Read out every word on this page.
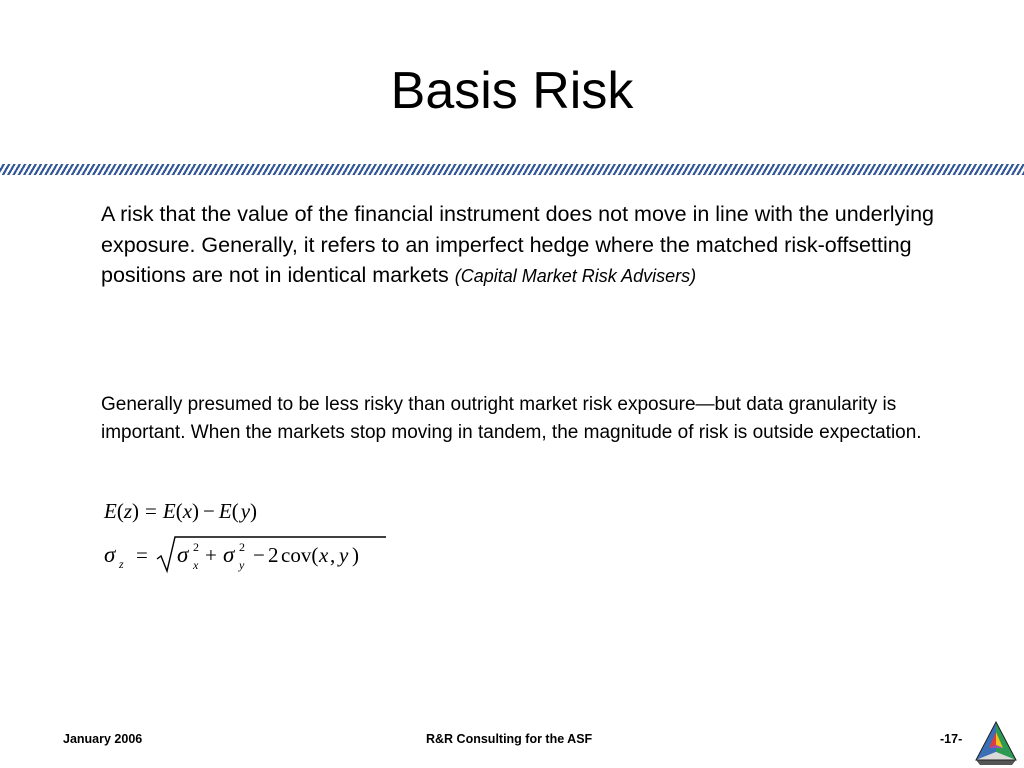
Basis Risk
A risk that the value of the financial instrument does not move in line with the underlying exposure. Generally, it refers to an imperfect hedge where the matched risk-offsetting positions are not in identical markets (Capital Market Risk Advisers)
Generally presumed to be less risky than outright market risk exposure—but data granularity is important. When the markets stop moving in tandem, the magnitude of risk is outside expectation.
E(z) = E(x) − E(y)
σ z = σ 2
x + σ 2
y − 2 cov( x , y )
January 2006	R&R Consulting for the ASF	-17-
